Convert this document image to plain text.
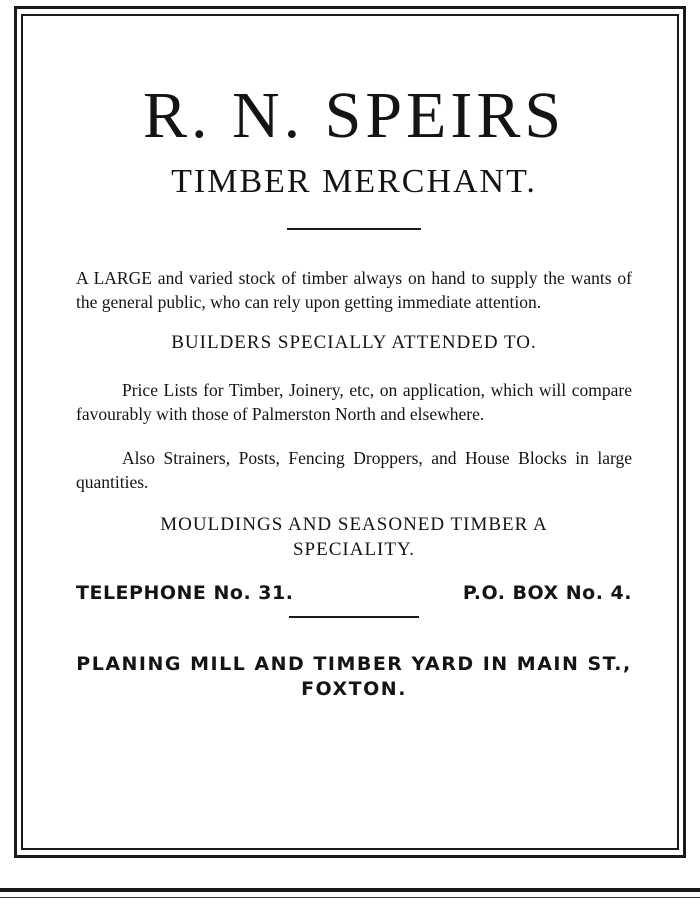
R. N. SPEIRS
TIMBER MERCHANT.

A LARGE and varied stock of timber always on hand to supply the wants of the general public, who can rely upon getting immediate attention.

BUILDERS SPECIALLY ATTENDED TO.

Price Lists for Timber, Joinery, etc, on application, which will compare favourably with those of Palmerston North and elsewhere.

Also Strainers, Posts, Fencing Droppers, and House Blocks in large quantities.

MOULDINGS AND SEASONED TIMBER A
SPECIALITY.
TELEPHONE No. 31.	P.O. BOX No. 4.
PLANING MILL AND TIMBER YARD IN MAIN ST.,
FOXTON.
